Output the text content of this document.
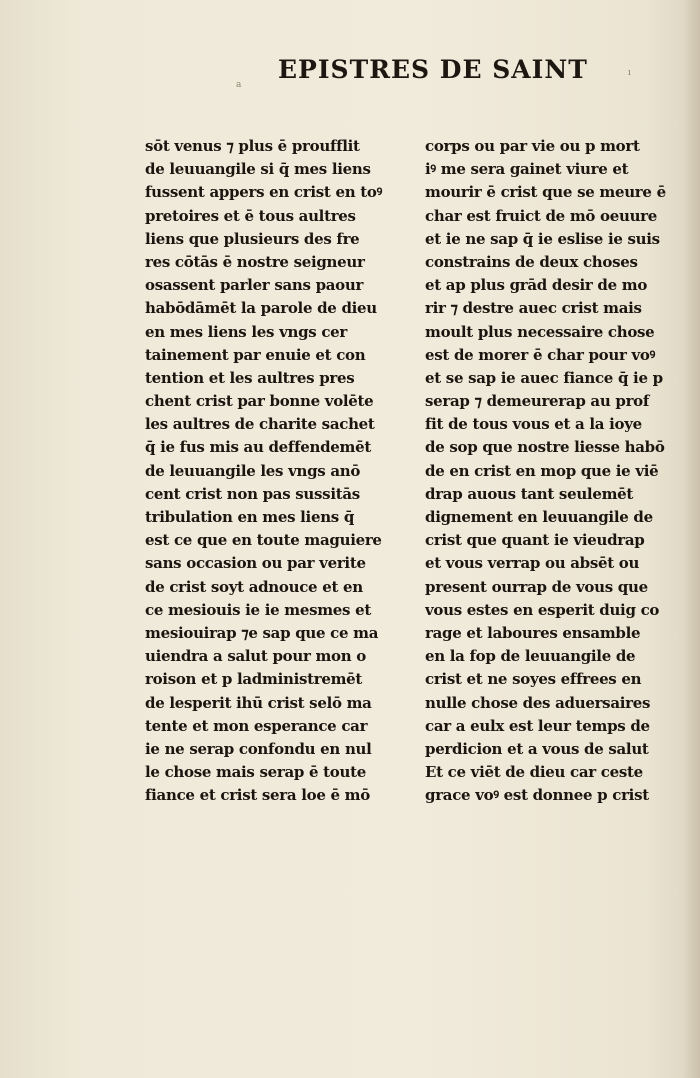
EPISTRES DE SAINT
a
ı
sōt venus ⁊ plus ē proufflit
de leuuangile si q̄ mes liens
fussent appers en crist en toꝰ
pretoires et ē tous aultres
liens que plusieurs des fre
res cōtās ē nostre seigneur
osassent parler sans paour
habōdāmēt la parole de dieu
en mes liens les vngs cer
tainement par enuie et con
tention et les aultres pres
chent crist par bonne volēte
les aultres de charite sachet
q̄ ie fus mis au deffendemēt
de leuuangile les vngs anō
cent crist non pas sussitās
tribulation en mes liens q̄
est ce que en toute maguiere
sans occasion ou par verite
de crist soyt adnouce et en
ce mesiouis ie ie mesmes et
mesiouirap ⁊e sap que ce ma
uiendra a salut pour mon o
roison et p ladministremēt
de lesperit ihū crist selō ma
tente et mon esperance car
ie ne serap confondu en nul
le chose mais serap ē toute
fiance et crist sera loe ē mō
corps ou par vie ou p mort
iꝰ me sera gainet viure et
mourir ē crist que se meure ē
char est fruict de mō oeuure
et ie ne sap q̄ ie eslise ie suis
constrains de deux choses
et ap plus grād desir de mo
rir ⁊ destre auec crist mais
moult plus necessaire chose
est de morer ē char pour voꝰ
et se sap ie auec fiance q̄ ie p
serap ⁊ demeurerap au prof
fit de tous vous et a la ioye
de sop que nostre liesse habō
de en crist en mop que ie viē
drap auous tant seulemēt
dignement en leuuangile de
crist que quant ie vieudrap
et vous verrap ou absēt ou
present ourrap de vous que
vous estes en esperit duig co
rage et laboures ensamble
en la fop de leuuangile de
crist et ne soyes effrees en
nulle chose des aduersaires
car a eulx est leur temps de
perdicion et a vous de salut
Et ce viēt de dieu car ceste
grace voꝰ est donnee p crist
